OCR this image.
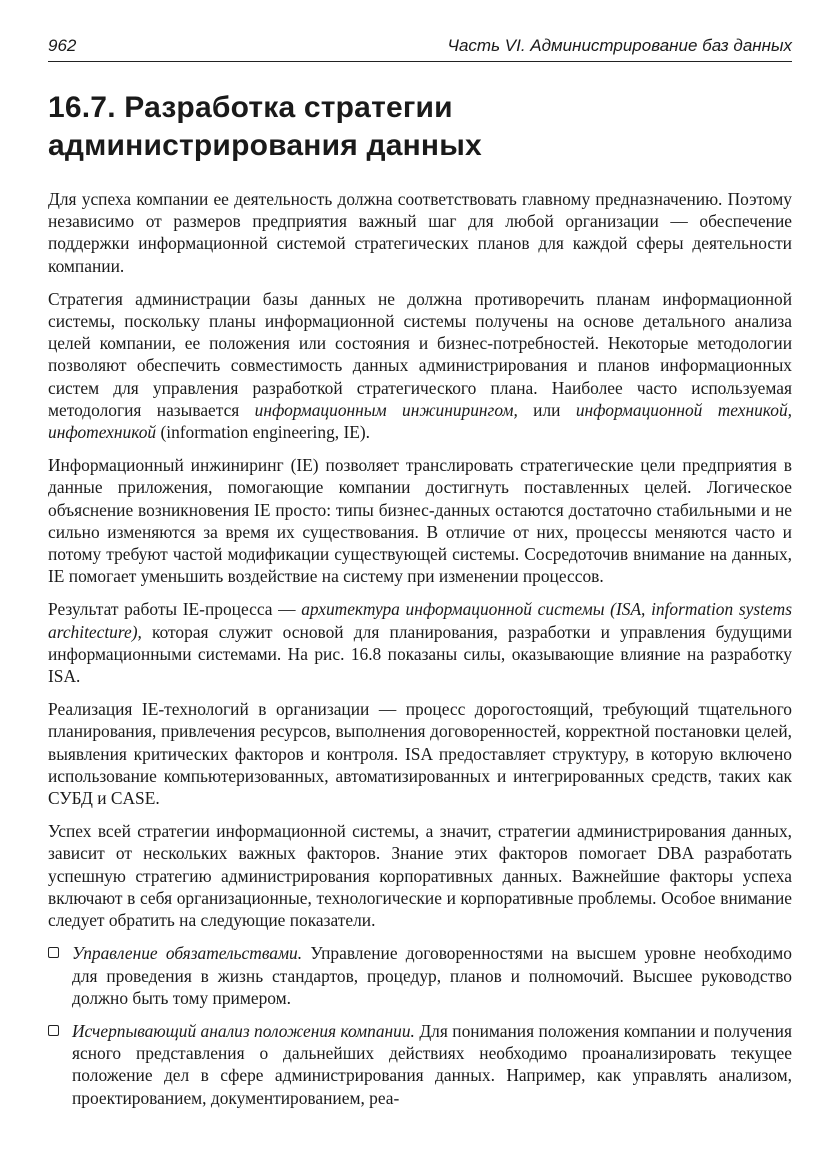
962	Часть VI. Администрирование баз данных
16.7. Разработка стратегии
администрирования данных

Для успеха компании ее деятельность должна соответствовать главному предназначению. Поэтому независимо от размеров предприятия важный шаг для любой организации — обеспечение поддержки информационной системой стратегических планов для каждой сферы деятельности компании.

Стратегия администрации базы данных не должна противоречить планам информационной системы, поскольку планы информационной системы получены на основе детального анализа целей компании, ее положения или состояния и бизнес-потребностей. Некоторые методологии позволяют обеспечить совместимость данных администрирования и планов информационных систем для управления разработкой стратегического плана. Наиболее часто используемая методология называется информационным инжинирингом, или информационной техникой, инфотехникой (information engineering, IE).

Информационный инжиниринг (IE) позволяет транслировать стратегические цели предприятия в данные приложения, помогающие компании достигнуть поставленных целей. Логическое объяснение возникновения IE просто: типы бизнес-данных остаются достаточно стабильными и не сильно изменяются за время их существования. В отличие от них, процессы меняются часто и потому требуют частой модификации существующей системы. Сосредоточив внимание на данных, IE помогает уменьшить воздействие на систему при изменении процессов.

Результат работы IE-процесса — архитектура информационной системы (ISA, information systems architecture), которая служит основой для планирования, разработки и управления будущими информационными системами. На рис. 16.8 показаны силы, оказывающие влияние на разработку ISA.

Реализация IE-технологий в организации — процесс дорогостоящий, требующий тщательного планирования, привлечения ресурсов, выполнения договоренностей, корректной постановки целей, выявления критических факторов и контроля. ISA предоставляет структуру, в которую включено использование компьютеризованных, автоматизированных и интегрированных средств, таких как СУБД и CASE.

Успех всей стратегии информационной системы, а значит, стратегии администрирования данных, зависит от нескольких важных факторов. Знание этих факторов помогает DBA разработать успешную стратегию администрирования корпоративных данных. Важнейшие факторы успеха включают в себя организационные, технологические и корпоративные проблемы. Особое внимание следует обратить на следующие показатели.

Управление обязательствами. Управление договоренностями на высшем уровне необходимо для проведения в жизнь стандартов, процедур, планов и полномочий. Высшее руководство должно быть тому примером.
Исчерпывающий анализ положения компании. Для понимания положения компании и получения ясного представления о дальнейших действиях необходимо проанализировать текущее положение дел в сфере администрирования данных. Например, как управлять анализом, проектированием, документированием, реа-
